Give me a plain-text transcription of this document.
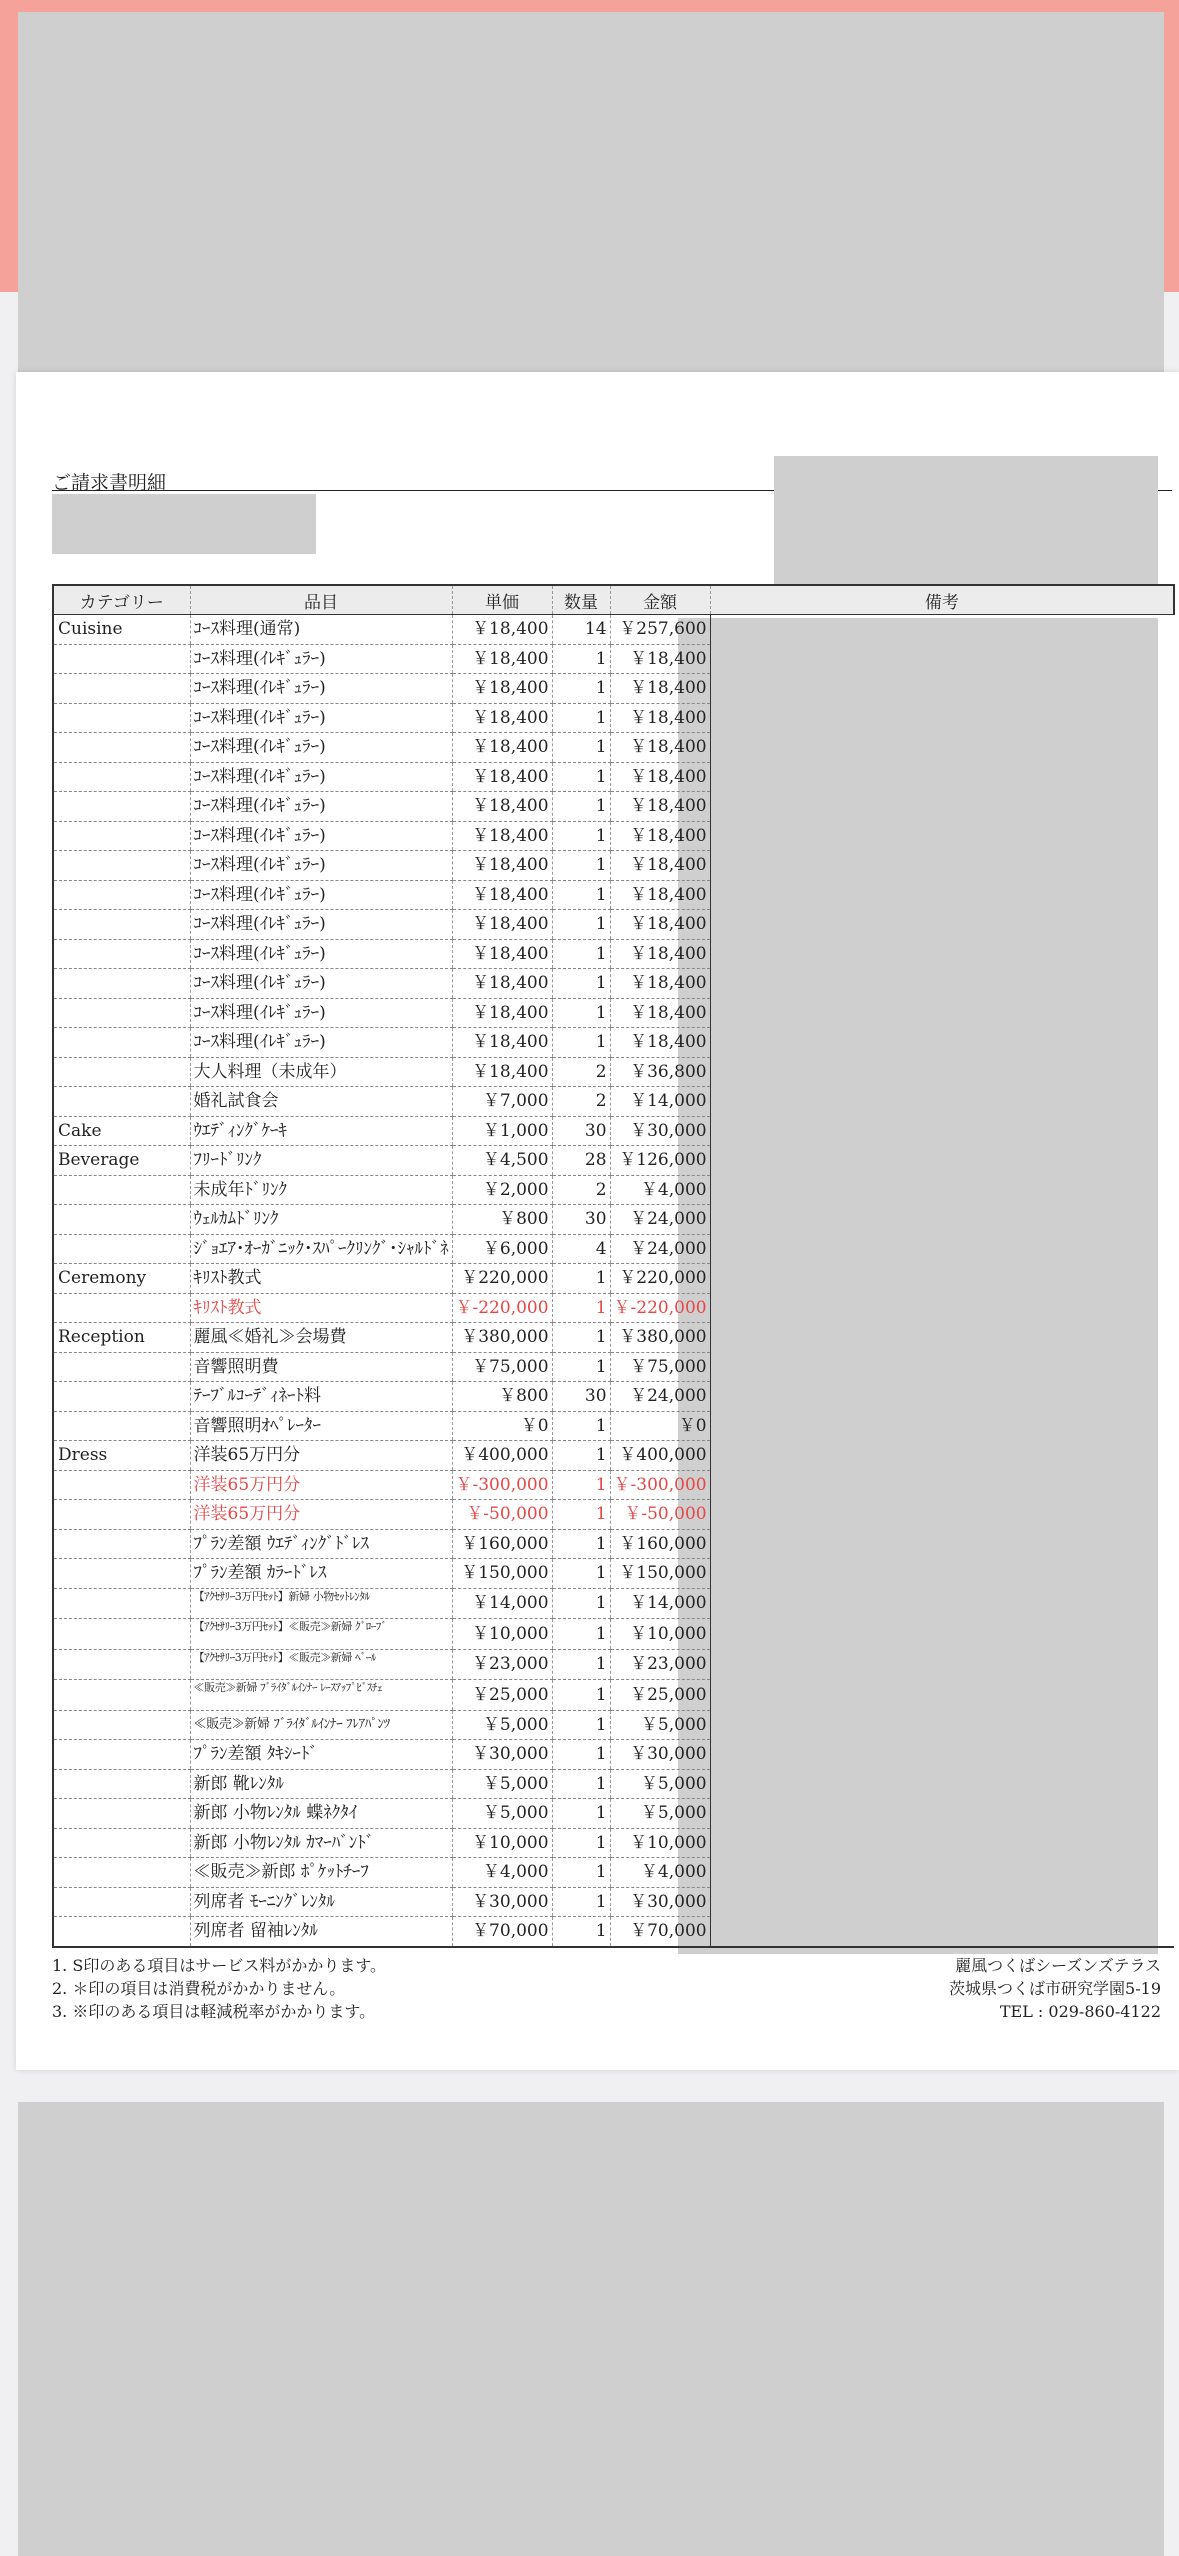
ご請求書明細
カテゴリー	品目	単価	数量	金額	備考
Cuisine	ｺｰｽ料理(通常)	￥18,400	14	￥257,600	
	ｺｰｽ料理(ｲﾚｷﾞｭﾗｰ)	￥18,400	1	￥18,400	
	ｺｰｽ料理(ｲﾚｷﾞｭﾗｰ)	￥18,400	1	￥18,400	
	ｺｰｽ料理(ｲﾚｷﾞｭﾗｰ)	￥18,400	1	￥18,400	
	ｺｰｽ料理(ｲﾚｷﾞｭﾗｰ)	￥18,400	1	￥18,400	
	ｺｰｽ料理(ｲﾚｷﾞｭﾗｰ)	￥18,400	1	￥18,400	
	ｺｰｽ料理(ｲﾚｷﾞｭﾗｰ)	￥18,400	1	￥18,400	
	ｺｰｽ料理(ｲﾚｷﾞｭﾗｰ)	￥18,400	1	￥18,400	
	ｺｰｽ料理(ｲﾚｷﾞｭﾗｰ)	￥18,400	1	￥18,400	
	ｺｰｽ料理(ｲﾚｷﾞｭﾗｰ)	￥18,400	1	￥18,400	
	ｺｰｽ料理(ｲﾚｷﾞｭﾗｰ)	￥18,400	1	￥18,400	
	ｺｰｽ料理(ｲﾚｷﾞｭﾗｰ)	￥18,400	1	￥18,400	
	ｺｰｽ料理(ｲﾚｷﾞｭﾗｰ)	￥18,400	1	￥18,400	
	ｺｰｽ料理(ｲﾚｷﾞｭﾗｰ)	￥18,400	1	￥18,400	
	ｺｰｽ料理(ｲﾚｷﾞｭﾗｰ)	￥18,400	1	￥18,400	
	大人料理（未成年）	￥18,400	2	￥36,800	
	婚礼試食会	￥7,000	2	￥14,000	
Cake	ｳｴﾃﾞｨﾝｸﾞｹｰｷ	￥1,000	30	￥30,000	
Beverage	ﾌﾘｰﾄﾞﾘﾝｸ	￥4,500	28	￥126,000	
	未成年ﾄﾞﾘﾝｸ	￥2,000	2	￥4,000	
	ｳｪﾙｶﾑﾄﾞﾘﾝｸ	￥800	30	￥24,000	
	ｼﾞｮｴｱ･ｵｰｶﾞﾆｯｸ･ｽﾊﾟｰｸﾘﾝｸﾞ･ｼｬﾙﾄﾞﾈ	￥6,000	4	￥24,000	
Ceremony	ｷﾘｽﾄ教式	￥220,000	1	￥220,000	
	ｷﾘｽﾄ教式	￥-220,000	1	￥-220,000	
Reception	麗風≪婚礼≫会場費	￥380,000	1	￥380,000	
	音響照明費	￥75,000	1	￥75,000	
	ﾃｰﾌﾞﾙｺｰﾃﾞｨﾈｰﾄ料	￥800	30	￥24,000	
	音響照明ｵﾍﾟﾚｰﾀｰ	￥0	1	￥0	
Dress	洋装65万円分	￥400,000	1	￥400,000	
	洋装65万円分	￥-300,000	1	￥-300,000	
	洋装65万円分	￥-50,000	1	￥-50,000	
	ﾌﾟﾗﾝ差額 ｳｴﾃﾞｨﾝｸﾞﾄﾞﾚｽ	￥160,000	1	￥160,000	
	ﾌﾟﾗﾝ差額 ｶﾗｰﾄﾞﾚｽ	￥150,000	1	￥150,000	
	【ｱｸｾｻﾘｰ3万円ｾｯﾄ】新婦 小物ｾｯﾄﾚﾝﾀﾙ	￥14,000	1	￥14,000	
	【ｱｸｾｻﾘｰ3万円ｾｯﾄ】≪販売≫新婦 ｸﾞﾛｰﾌﾞ	￥10,000	1	￥10,000	
	【ｱｸｾｻﾘｰ3万円ｾｯﾄ】≪販売≫新婦 ﾍﾞｰﾙ	￥23,000	1	￥23,000	
	≪販売≫新婦 ﾌﾞﾗｲﾀﾞﾙｲﾝﾅｰ ﾚｰｽｱｯﾌﾟﾋﾞｽﾁｪ	￥25,000	1	￥25,000	
	≪販売≫新婦 ﾌﾞﾗｲﾀﾞﾙｲﾝﾅｰ ﾌﾚｱﾊﾟﾝﾂ	￥5,000	1	￥5,000	
	ﾌﾟﾗﾝ差額 ﾀｷｼｰﾄﾞ	￥30,000	1	￥30,000	
	新郎 靴ﾚﾝﾀﾙ	￥5,000	1	￥5,000	
	新郎 小物ﾚﾝﾀﾙ 蝶ﾈｸﾀｲ	￥5,000	1	￥5,000	
	新郎 小物ﾚﾝﾀﾙ ｶﾏｰﾊﾞﾝﾄﾞ	￥10,000	1	￥10,000	
	≪販売≫新郎 ﾎﾟｹｯﾄﾁｰﾌ	￥4,000	1	￥4,000	
	列席者 ﾓｰﾆﾝｸﾞﾚﾝﾀﾙ	￥30,000	1	￥30,000	
	列席者 留袖ﾚﾝﾀﾙ	￥70,000	1	￥70,000	
1. S印のある項目はサービス料がかかります。
2. ＊印の項目は消費税がかかりません。
3. ※印のある項目は軽減税率がかかります。
麗風つくばシーズンズテラス
茨城県つくば市研究学園5-19
TEL : 029-860-4122
